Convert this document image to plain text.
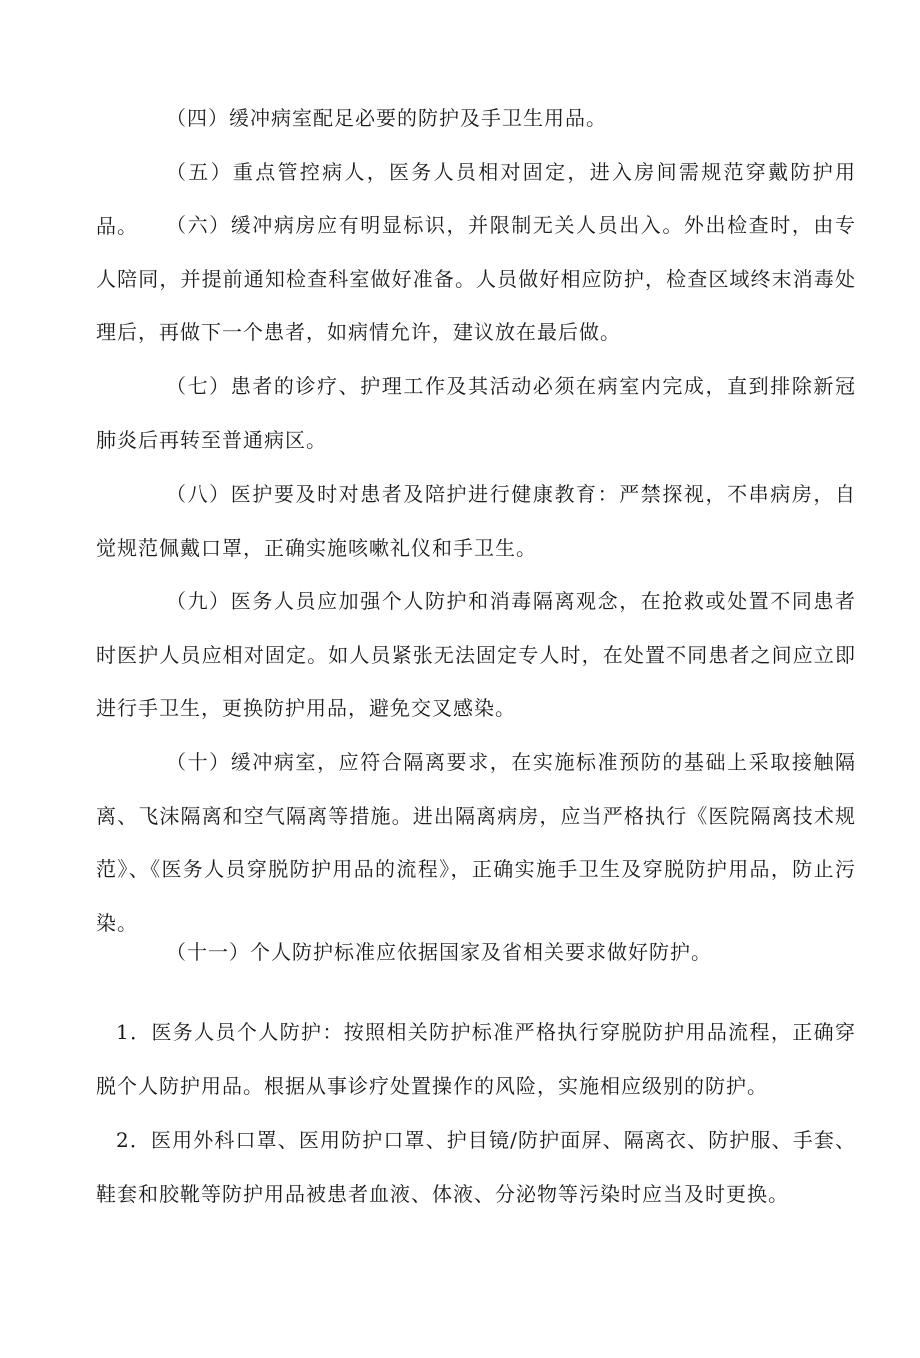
（四）缓冲病室配足必要的防护及手卫生用品。

（五）重点管控病人，医务人员相对固定，进入房间需规范穿戴防护用品。	（六）缓冲病房应有明显标识，并限制无关人员出入。外出检查时，由专人陪同，并提前通知检查科室做好准备。人员做好相应防护，检查区域终末消毒处理后，再做下一个患者，如病情允许，建议放在最后做。

（七）患者的诊疗、护理工作及其活动必须在病室内完成，直到排除新冠肺炎后再转至普通病区。

（八）医护要及时对患者及陪护进行健康教育：严禁探视，不串病房，自觉规范佩戴口罩，正确实施咳嗽礼仪和手卫生。

（九）医务人员应加强个人防护和消毒隔离观念，在抢救或处置不同患者时医护人员应相对固定。如人员紧张无法固定专人时，在处置不同患者之间应立即进行手卫生，更换防护用品，避免交叉感染。

（十）缓冲病室，应符合隔离要求，在实施标准预防的基础上采取接触隔离、飞沫隔离和空气隔离等措施。进出隔离病房，应当严格执行《医院隔离技术规范》、《医务人员穿脱防护用品的流程》，正确实施手卫生及穿脱防护用品，防止污染。

（十一）个人防护标准应依据国家及省相关要求做好防护。

1．医务人员个人防护：按照相关防护标准严格执行穿脱防护用品流程，正确穿脱个人防护用品。根据从事诊疗处置操作的风险，实施相应级别的防护。

2．医用外科口罩、医用防护口罩、护目镜/防护面屏、隔离衣、防护服、手套、鞋套和胶靴等防护用品被患者血液、体液、分泌物等污染时应当及时更换。
